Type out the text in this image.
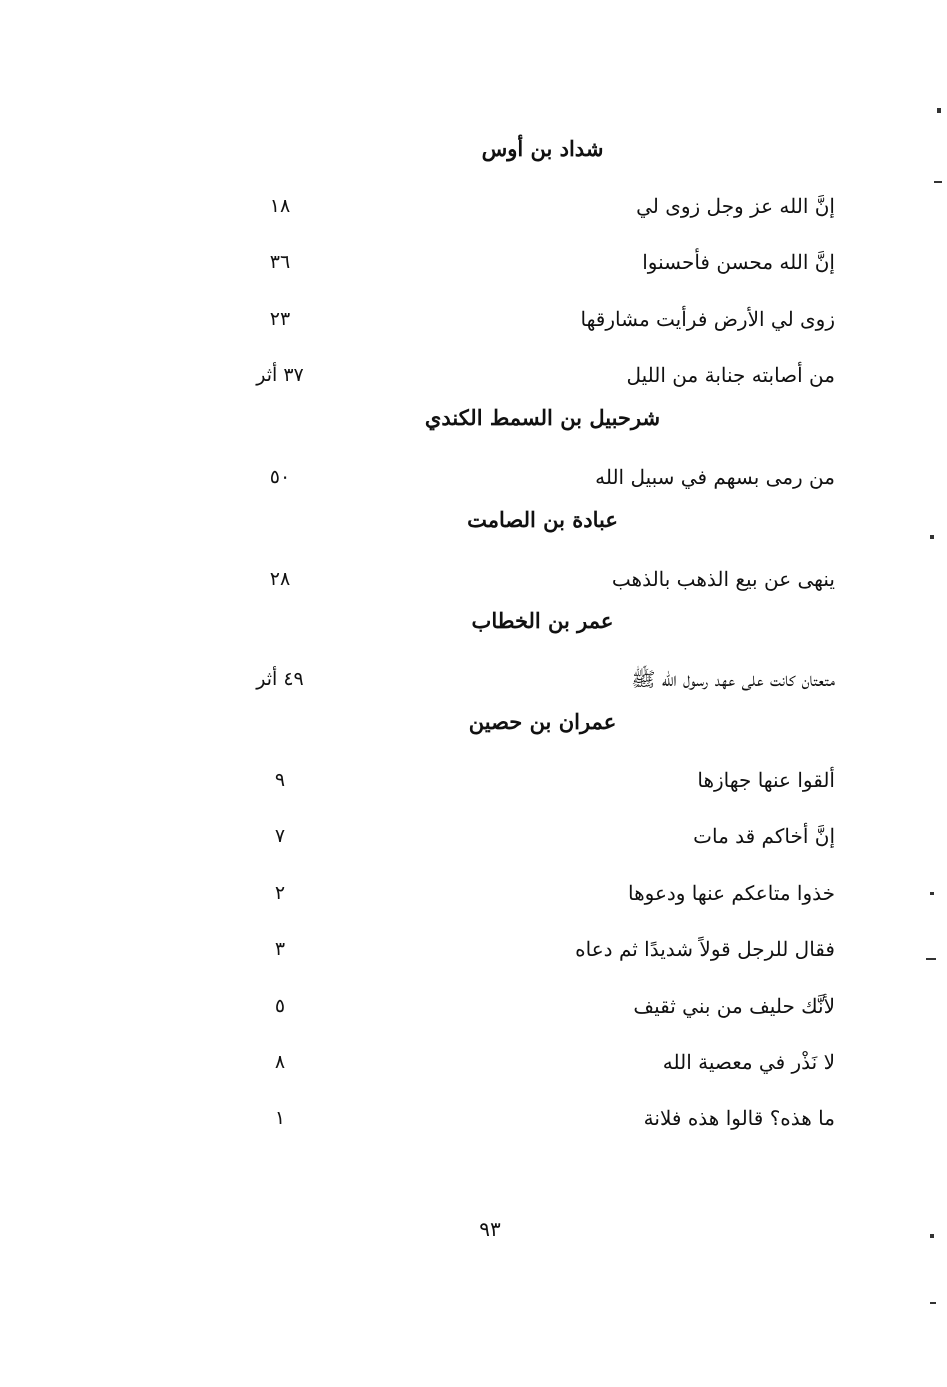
شداد بن أوس
إنَّ الله عز وجل زوى لي
١٨
إنَّ الله محسن فأحسنوا
٣٦
زوى لي الأرض فرأيت مشارقها
٢٣
من أصابته جنابة من الليل
٣٧ أثر
شرحبيل بن السمط الكندي
من رمى بسهم في سبيل الله
٥٠
عبادة بن الصامت
ينهى عن بيع الذهب بالذهب
٢٨
عمر بن الخطاب
متعتان كانت على عهد رسول الله ﷺ
٤٩ أثر
عمران بن حصين
ألقوا عنها جهازها
٩
إنَّ أخاكم قد مات
٧
خذوا متاعكم عنها ودعوها
٢
فقال للرجل قولاً شديدًا ثم دعاه
٣
لأنَّك حليف من بني ثقيف
٥
لا نَذْر في معصية الله
٨
ما هذه؟ قالوا هذه فلانة
١
٩٣
